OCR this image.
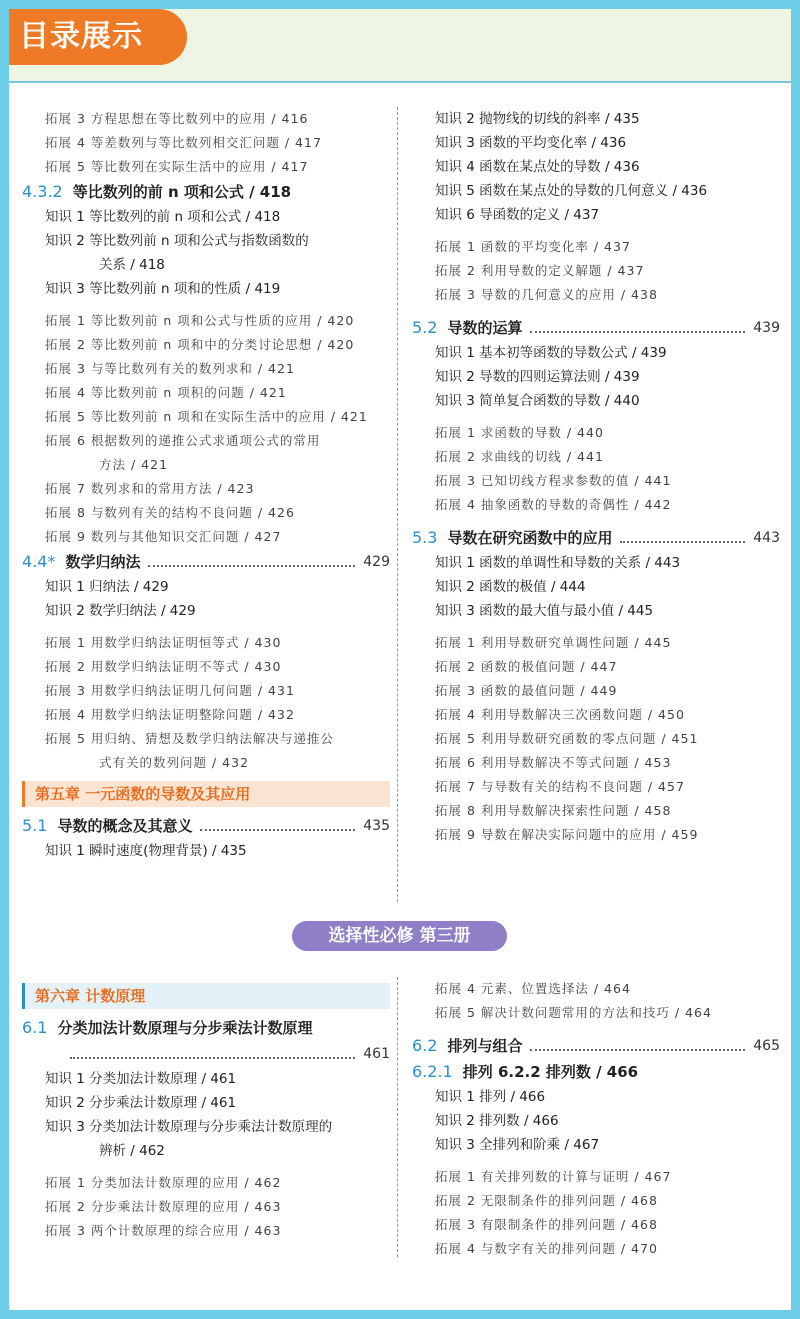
目录展示
拓展 3 方程思想在等比数列中的应用 / 416
拓展 4 等差数列与等比数列相交汇问题 / 417
拓展 5 等比数列在实际生活中的应用 / 417
4.3.2 等比数列的前 n 项和公式 / 418
知识 1 等比数列的前 n 项和公式 / 418
知识 2 等比数列前 n 项和公式与指数函数的
关系 / 418
知识 3 等比数列前 n 项和的性质 / 419
拓展 1 等比数列前 n 项和公式与性质的应用 / 420
拓展 2 等比数列前 n 项和中的分类讨论思想 / 420
拓展 3 与等比数列有关的数列求和 / 421
拓展 4 等比数列前 n 项积的问题 / 421
拓展 5 等比数列前 n 项和在实际生活中的应用 / 421
拓展 6 根据数列的递推公式求通项公式的常用
方法 / 421
拓展 7 数列求和的常用方法 / 423
拓展 8 与数列有关的结构不良问题 / 426
拓展 9 数列与其他知识交汇问题 / 427
4.4* 数学归纳法	429
知识 1 归纳法 / 429
知识 2 数学归纳法 / 429
拓展 1 用数学归纳法证明恒等式 / 430
拓展 2 用数学归纳法证明不等式 / 430
拓展 3 用数学归纳法证明几何问题 / 431
拓展 4 用数学归纳法证明整除问题 / 432
拓展 5 用归纳、猜想及数学归纳法解决与递推公
式有关的数列问题 / 432
第五章 一元函数的导数及其应用
5.1 导数的概念及其意义	435
知识 1 瞬时速度(物理背景) / 435
知识 2 抛物线的切线的斜率 / 435
知识 3 函数的平均变化率 / 436
知识 4 函数在某点处的导数 / 436
知识 5 函数在某点处的导数的几何意义 / 436
知识 6 导函数的定义 / 437
拓展 1 函数的平均变化率 / 437
拓展 2 利用导数的定义解题 / 437
拓展 3 导数的几何意义的应用 / 438
5.2 导数的运算	439
知识 1 基本初等函数的导数公式 / 439
知识 2 导数的四则运算法则 / 439
知识 3 简单复合函数的导数 / 440
拓展 1 求函数的导数 / 440
拓展 2 求曲线的切线 / 441
拓展 3 已知切线方程求参数的值 / 441
拓展 4 抽象函数的导数的奇偶性 / 442
5.3 导数在研究函数中的应用	443
知识 1 函数的单调性和导数的关系 / 443
知识 2 函数的极值 / 444
知识 3 函数的最大值与最小值 / 445
拓展 1 利用导数研究单调性问题 / 445
拓展 2 函数的极值问题 / 447
拓展 3 函数的最值问题 / 449
拓展 4 利用导数解决三次函数问题 / 450
拓展 5 利用导数研究函数的零点问题 / 451
拓展 6 利用导数解决不等式问题 / 453
拓展 7 与导数有关的结构不良问题 / 457
拓展 8 利用导数解决探索性问题 / 458
拓展 9 导数在解决实际问题中的应用 / 459
选择性必修 第三册
第六章 计数原理
6.1 分类加法计数原理与分步乘法计数原理
461
知识 1 分类加法计数原理 / 461
知识 2 分步乘法计数原理 / 461
知识 3 分类加法计数原理与分步乘法计数原理的
辨析 / 462
拓展 1 分类加法计数原理的应用 / 462
拓展 2 分步乘法计数原理的应用 / 463
拓展 3 两个计数原理的综合应用 / 463
拓展 4 元素、位置选择法 / 464
拓展 5 解决计数问题常用的方法和技巧 / 464
6.2 排列与组合	465
6.2.1 排列 6.2.2 排列数 / 466
知识 1 排列 / 466
知识 2 排列数 / 466
知识 3 全排列和阶乘 / 467
拓展 1 有关排列数的计算与证明 / 467
拓展 2 无限制条件的排列问题 / 468
拓展 3 有限制条件的排列问题 / 468
拓展 4 与数字有关的排列问题 / 470
